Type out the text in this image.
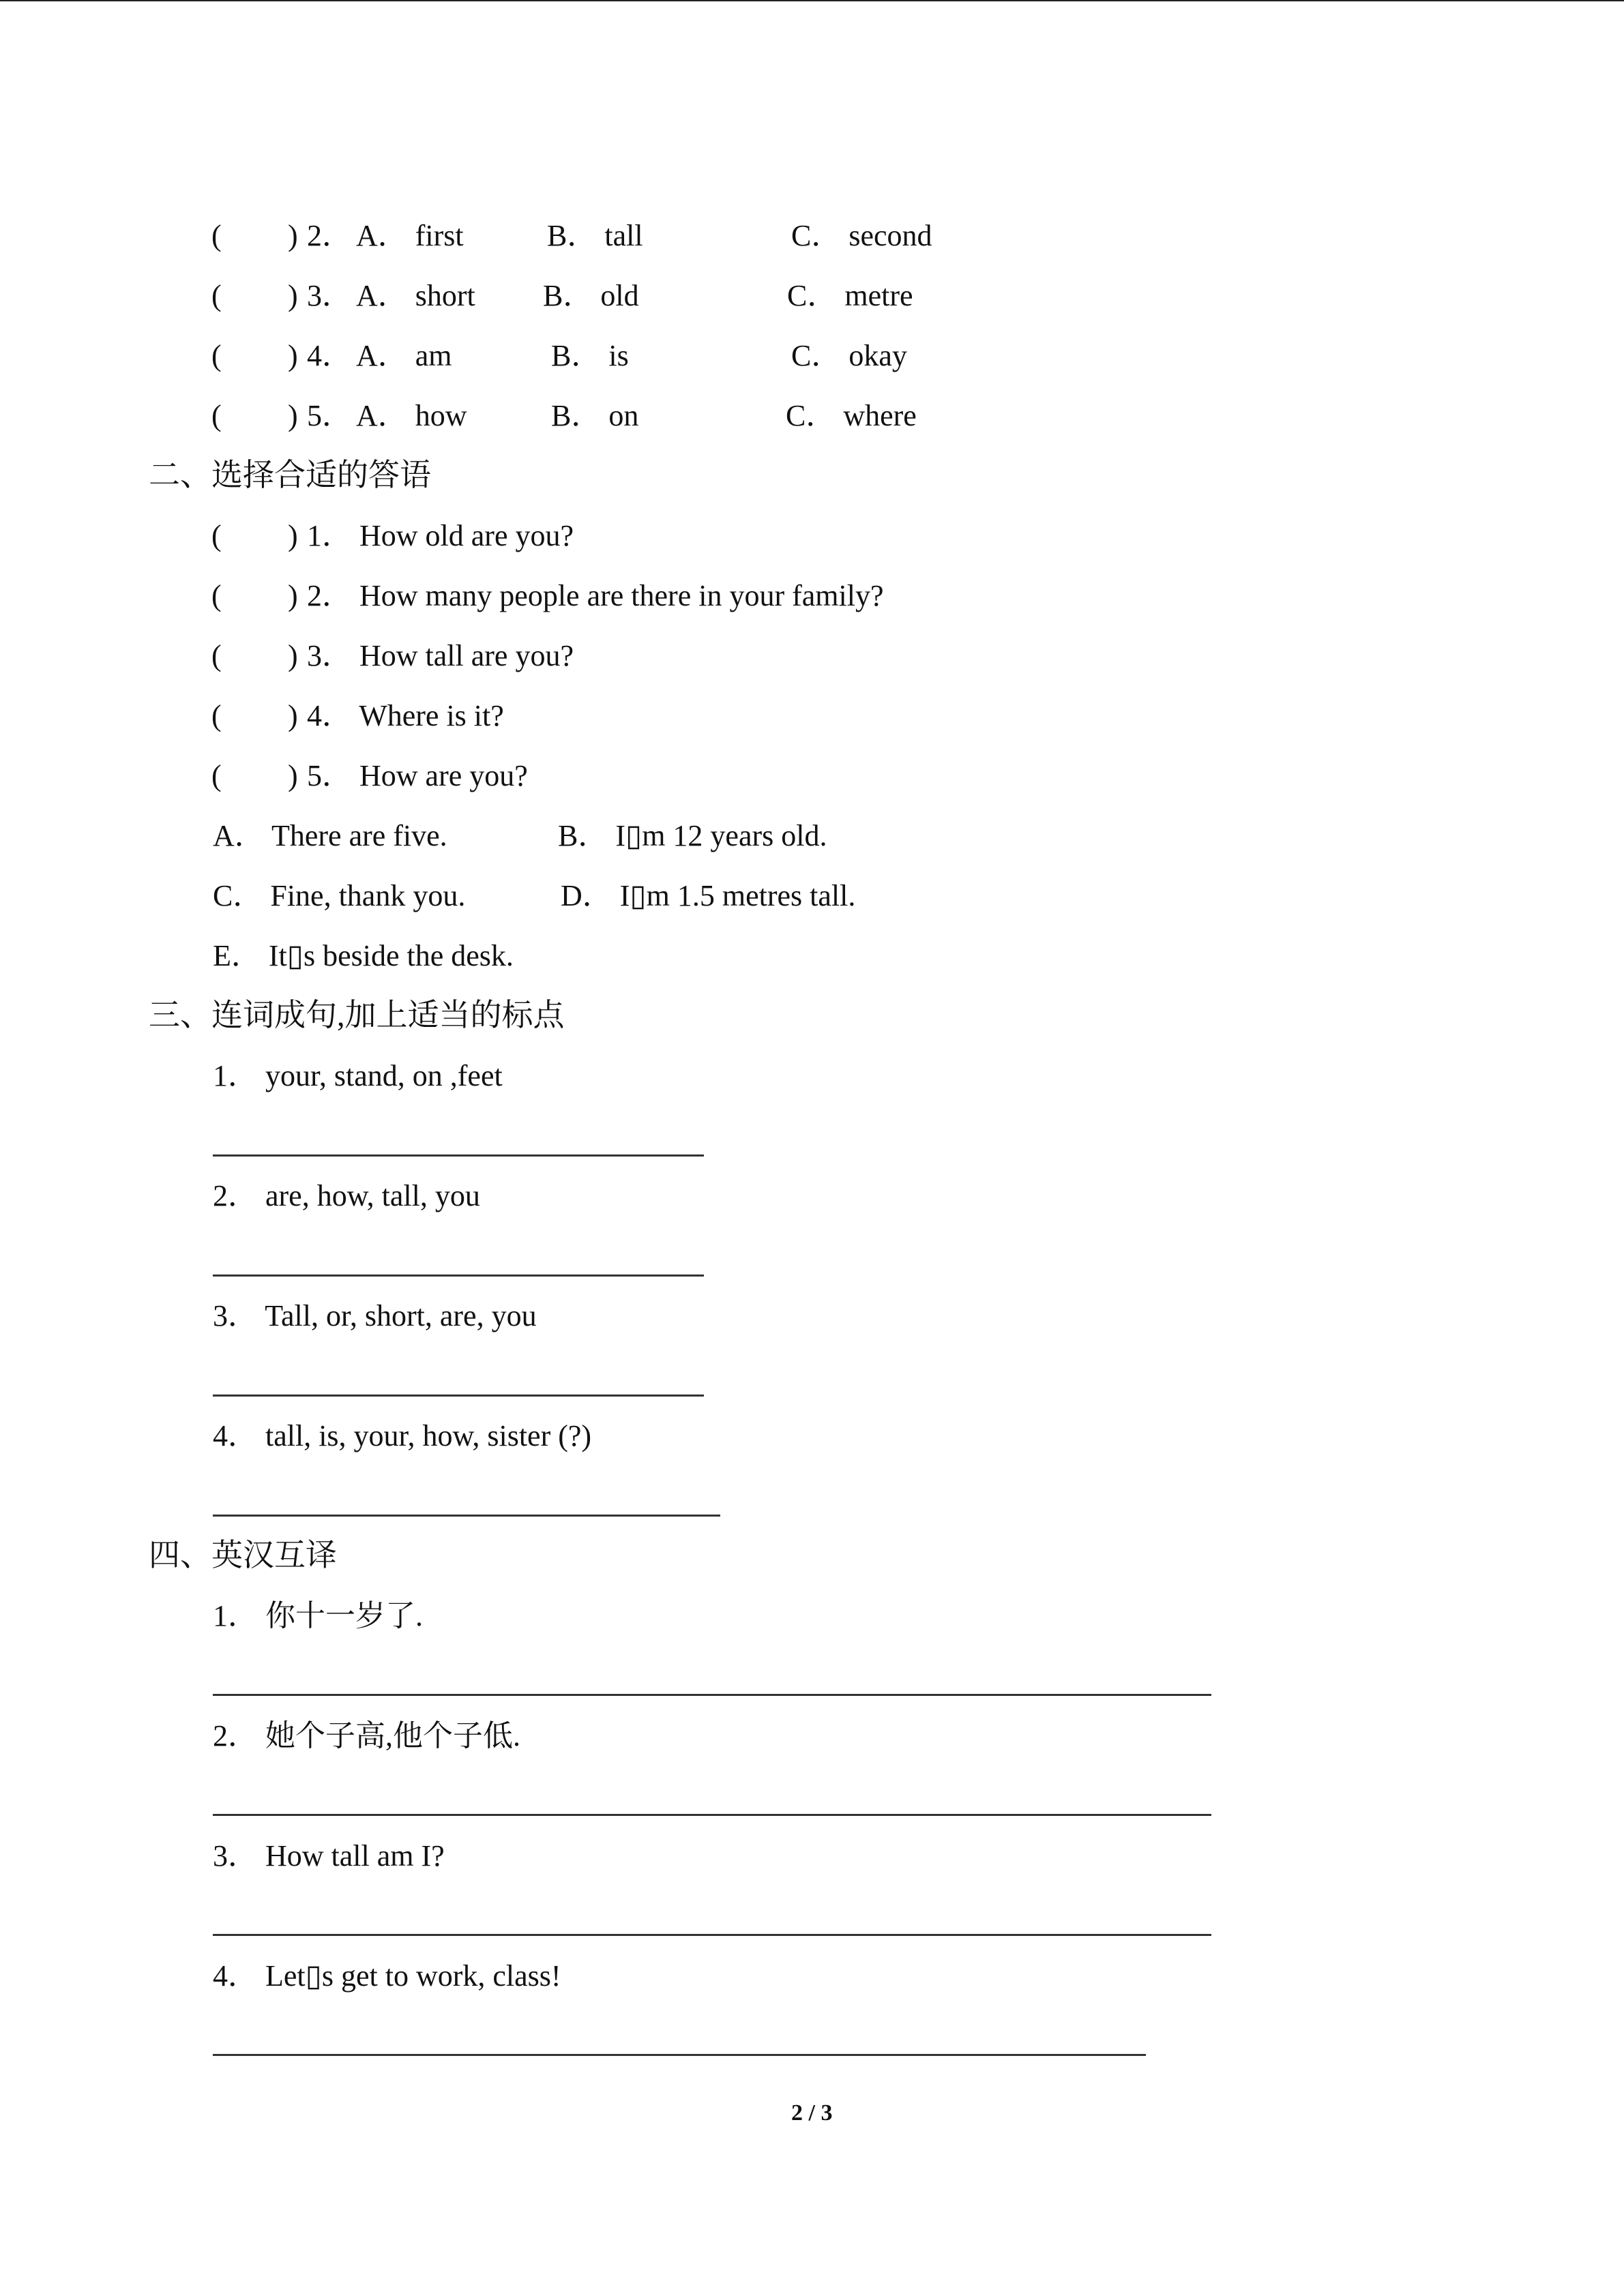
( ) 2． A． first	B． tall	C． second
( ) 3． A． short B． old	C． metre
( ) 4． A． am	B． is	C． okay
( ) 5． A． how	B． on	C． where
二、选择合适的答语
( ) 1． How old are you?
( ) 2． How many people are there in your family?
( ) 3． How tall are you?
( ) 4． Where is it?
( ) 5． How are you?
A． There are five.	B． I▯m 12 years old.
C． Fine, thank you.	D． I▯m 1.5 metres tall.
E． It▯s beside the desk.
三、连词成句,加上适当的标点
1． your, stand, on ,feet
2． are, how, tall, you
3． Tall, or, short, are, you
4． tall, is, your, how, sister (?)
四、英汉互译
1． 你十一岁了.
2． 她个子高,他个子低.
3． How tall am I?
4． Let▯s get to work, class!
2 / 3
